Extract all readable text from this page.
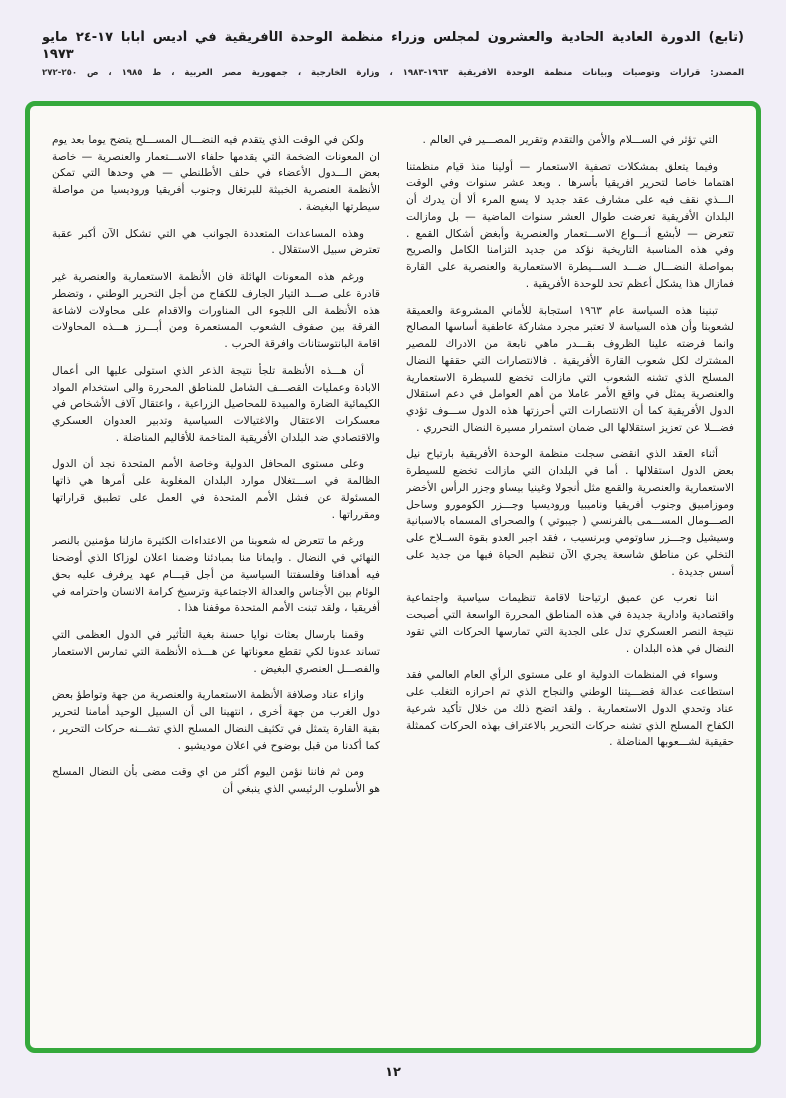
(تابع) الدورة العادية الحادية والعشرون لمجلس وزراء منظمة الوحدة الأفريقية في أديس أبابا ١٧-٢٤ مايو
١٩٧٣
المصدر: قرارات وتوصيات وبيانات منظمة الوحدة الأفريقية ١٩٦٣-١٩٨٣ ، وزارة الخارجية ، جمهورية مصر العربية ، ط ١٩٨٥ ، ص ٢٥٠-٢٧٢

التي تؤثر في الســـلام والأمن والتقدم وتقرير المصـــير في العالم .

وفيما يتعلق بمشكلات تصفية الاستعمار — أولينا منذ قيام منظمتنا اهتماما خاصا لتحرير افريقيا بأسرها . وبعد عشر سنوات وفي الوقت الـــذي نقف فيه على مشارف عقد جديد لا يسع المرء ألا أن يدرك أن البلدان الأفريقية تعرضت طوال العشر سنوات الماضية — بل ومازالت تتعرض — لأبشع أنـــواع الاســـتعمار والعنصرية وأبغض أشكال القمع . وفي هذه المناسبة التاريخية نؤكد من جديد التزامنا الكامل والصريح بمواصلة النضـــال ضـــد الســـيطرة الاستعمارية والعنصرية على القارة فمازال هذا يشكل أعظم تحد للوحدة الأفريقية .

تبنينا هذه السياسة عام ١٩٦٣ استجابة للأماني المشروعة والعميقة لشعوبنا وأن هذه السياسة لا تعتبر مجرد مشاركة عاطفية أساسها المصالح وانما فرضته علينا الظروف بقـــدر ماهي نابعة من الادراك للمصير المشترك لكل شعوب القارة الأفريقية . فالانتصارات التي حققها النضال المسلح الذي تشنه الشعوب التي مازالت تخضع للسيطرة الاستعمارية والعنصرية يمثل في واقع الأمر عاملا من أهم العوامل في دعم استقلال الدول الأفريقية كما أن الانتصارات التي أحرزتها هذه الدول ســـوف تؤدي فضـــلا عن تعزيز استقلالها الى ضمان استمرار مسيرة النضال التحرري .

أثناء العقد الذي انقضى سجلت منظمة الوحدة الأفريقية بارتياح نيل بعض الدول استقلالها . أما في البلدان التي مازالت تخضع للسيطرة الاستعمارية والعنصرية والقمع مثل أنجولا وغينيا بيساو وجزر الرأس الأخضر وموزامبيق وجنوب أفريقيا وناميبيا وروديسيا وجـــزر الكومورو وساحل الصـــومال المســـمى بالفرنسي ( جيبوتي ) والصحراى المسماه بالاسبانية وسيشيل وجـــزر ساوتومي وبرنسيب ، فقد اجبر العدو بقوة الســلاح على التخلي عن مناطق شاسعة يجري الآن تنظيم الحياة فيها من جديد على أسس جديدة .

اننا نعرب عن عميق ارتياحنا لاقامة تنظيمات سياسية واجتماعية واقتصادية وادارية جديدة في هذه المناطق المحررة الواسعة التي أصبحت نتيجة النصر العسكري تدل على الجدية التي تمارسها الحركات التي تقود النضال في هذه البلدان .

وسواء في المنظمات الدولية او على مستوى الرأي العام العالمي فقد استطاعت عدالة قضـــيتنا الوطني والنجاح الذي تم احرازه التغلب على عناد وتحدي الدول الاستعمارية . ولقد اتضح ذلك من خلال تأكيد شرعية الكفاح المسلح الذي تشنه حركات التحرير بالاعتراف بهذه الحركات كممثلة حقيقية لشـــعوبها المناضلة .

ولكن في الوقت الذي يتقدم فيه النضـــال المســـلح يتضح يوما بعد يوم ان المعونات الضخمة التي يقدمها حلفاء الاســـتعمار والعنصرية — خاصة بعض الـــدول الأعضاء في حلف الأطلنطي — هي وحدها التي تمكن الأنظمة العنصرية الخبيثة للبرتغال وجنوب أفريقيا وروديسيا من مواصلة سيطرتها البغيضة .

وهذه المساعدات المتعددة الجوانب هي التي تشكل الآن أكبر عقبة تعترض سبيل الاستقلال .

ورغم هذه المعونات الهائلة فان الأنظمة الاستعمارية والعنصرية غير قادرة على صـــد التيار الجارف للكفاح من أجل التحرير الوطني ، وتضطر هذه الأنظمة الى اللجوء الى المناورات والاقدام على محاولات لاشاعة الفرقة بين صفوف الشعوب المستعمرة ومن أبـــرز هـــذه المحاولات اقامة البانتوستانات وافرقة الحرب .

أن هـــذه الأنظمة تلجأ نتيجة الذعر الذي استولى عليها الى أعمال الابادة وعمليات القصـــف الشامل للمناطق المحررة والى استخدام المواد الكيمائية الضارة والمبيدة للمحاصيل الزراعية ، واعتقال آلاف الأشخاص في معسكرات الاعتقال والاغتيالات السياسية وتدبير العدوان العسكري والاقتصادي ضد البلدان الأفريقية المتاخمة للأقاليم المناضلة .

وعلى مستوى المحافل الدولية وخاصة الأمم المتحدة نجد أن الدول الظالمة في اســـتغلال موارد البلدان المغلوبة على أمرها هي ذاتها المسئولة عن فشل الأمم المتحدة في العمل على تطبيق قراراتها ومقرراتها .

ورغم ما تتعرض له شعوبنا من الاعتداءات الكثيرة مازلنا مؤمنين بالنصر النهائي في النضال . وايمانا منا بمبادئنا وضمنا اعلان لوزاكا الذي أوضحنا فيه أهدافنا وفلسفتنا السياسية من أجل قيـــام عهد يرفرف عليه بحق الوئام بين الأجناس والعدالة الاجتماعية وترسيخ كرامة الانسان واحترامه في أفريقيا ، ولقد تبنت الأمم المتحدة موقفنا هذا .

وقمنا بارسال بعثات نوايا حسنة بغية التأثير في الدول العظمى التي تساند عدونا لكي تقطع معوناتها عن هـــذه الأنظمة التي تمارس الاستعمار والفصـــل العنصري البغيض .

وازاء عناد وصلافة الأنظمة الاستعمارية والعنصرية من جهة وتواطؤ بعض دول الغرب من جهة أخرى ، انتهينا الى أن السبيل الوحيد أمامنا لتحرير بقية القارة يتمثل في تكثيف النضال المسلح الذي تشـــنه حركات التحرير ، كما أكدنا من قبل بوضوح في اعلان موديشيو .

ومن ثم فاننا نؤمن اليوم أكثر من اي وقت مضى بأن النضال المسلح هو الأسلوب الرئيسي الذي ينبغي أن

١٢
